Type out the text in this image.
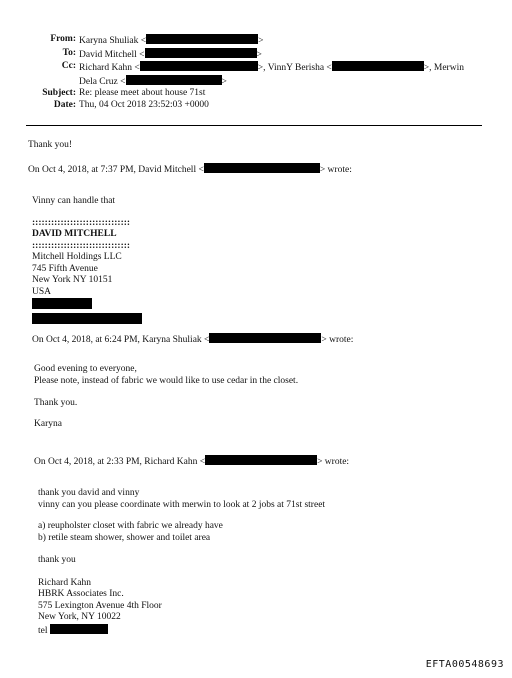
From: Karyna Shuliak <	>
To: David Mitchell <	>
Cc: Richard Kahn <	>, VinnY Berisha <	>, Merwin
Dela Cruz <	>
Subject: Re: please meet about house 71st
Date: Thu, 04 Oct 2018 23:52:03 +0000
Thank you!
On Oct 4, 2018, at 7:37 PM, David Mitchell <	> wrote:
Vinny can handle that
:::::::::::::::::::::::::::::::
DAVID MITCHELL
:::::::::::::::::::::::::::::::
Mitchell Holdings LLC
745 Fifth Avenue
New York NY 10151
USA
On Oct 4, 2018, at 6:24 PM, Karyna Shuliak <	> wrote:
Good evening to everyone,
Please note, instead of fabric we would like to use cedar in the closet.
Thank you.
Karyna
On Oct 4, 2018, at 2:33 PM, Richard Kahn <	> wrote:
thank you david and vinny
vinny can you please coordinate with merwin to look at 2 jobs at 71st street
a) reupholster closet with fabric we already have
b) retile steam shower, shower and toilet area
thank you
Richard Kahn
HBRK Associates Inc.
575 Lexington Avenue 4th Floor
New York, NY 10022
tel
EFTA00548693
